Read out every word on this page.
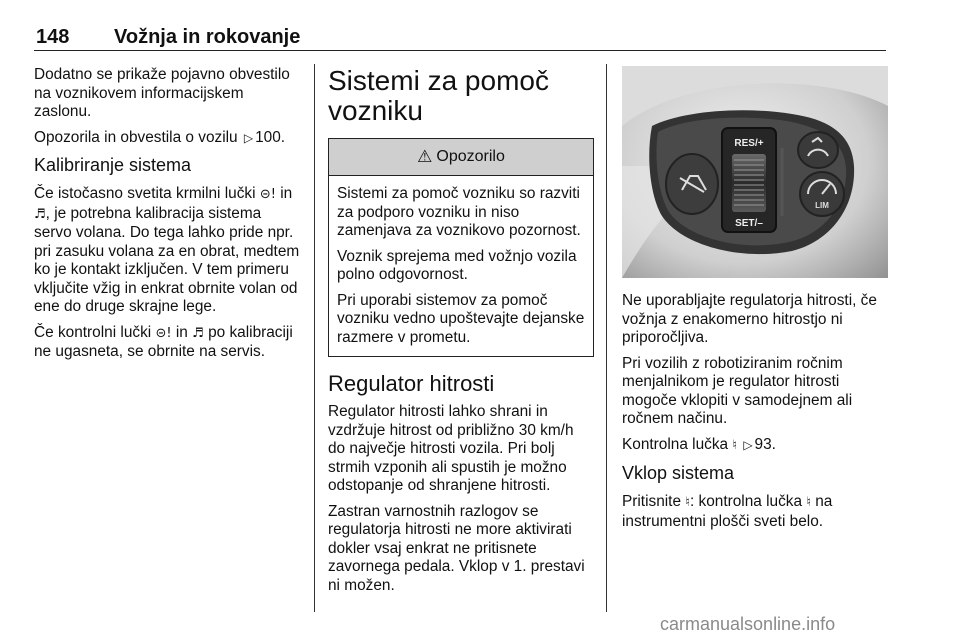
148 Vožnja in rokovanje

Dodatno se prikaže pojavno obvestilo na voznikovem informacijskem zaslonu.

Opozorila in obvestila o vozilu ▷ 100.

Kalibriranje sistema

Če istočasno svetita krmilni lučki ⊝! in ♬, je potrebna kalibracija sistema servo volana. Do tega lahko pride npr. pri zasuku volana za en obrat, medtem ko je kontakt izključen. V tem primeru vključite vžig in enkrat obrnite volan od ene do druge skrajne lege.

Če kontrolni lučki ⊝! in ♬ po kalibraciji ne ugasneta, se obrnite na servis.

Sistemi za pomoč vozniku
⚠ Opozorilo

Sistemi za pomoč vozniku so razviti za podporo vozniku in niso zamenjava za voznikovo pozornost.

Voznik sprejema med vožnjo vozila polno odgovornost.

Pri uporabi sistemov za pomoč vozniku vedno upoštevajte dejanske razmere v prometu.

Regulator hitrosti

Regulator hitrosti lahko shrani in vzdržuje hitrost od približno 30 km/h do največje hitrosti vozila. Pri bolj strmih vzponih ali spustih je možno odstopanje od shranjene hitrosti.

Zastran varnostnih razlogov se regulatorja hitrosti ne more aktivirati dokler vsaj enkrat ne pritisnete zavornega pedala. Vklop v 1. prestavi ni možen.

RES/+
SET/–
LIM

Ne uporabljajte regulatorja hitrosti, če vožnja z enakomerno hitrostjo ni priporočljiva.

Pri vozilih z robotiziranim ročnim menjalnikom je regulator hitrosti mogoče vklopiti v samodejnem ali ročnem načinu.

Kontrolna lučka ♮ ▷ 93.

Vklop sistema

Pritisnite ♮: kontrolna lučka ♮ na instrumentni plošči sveti belo.

carmanualsonline.info
